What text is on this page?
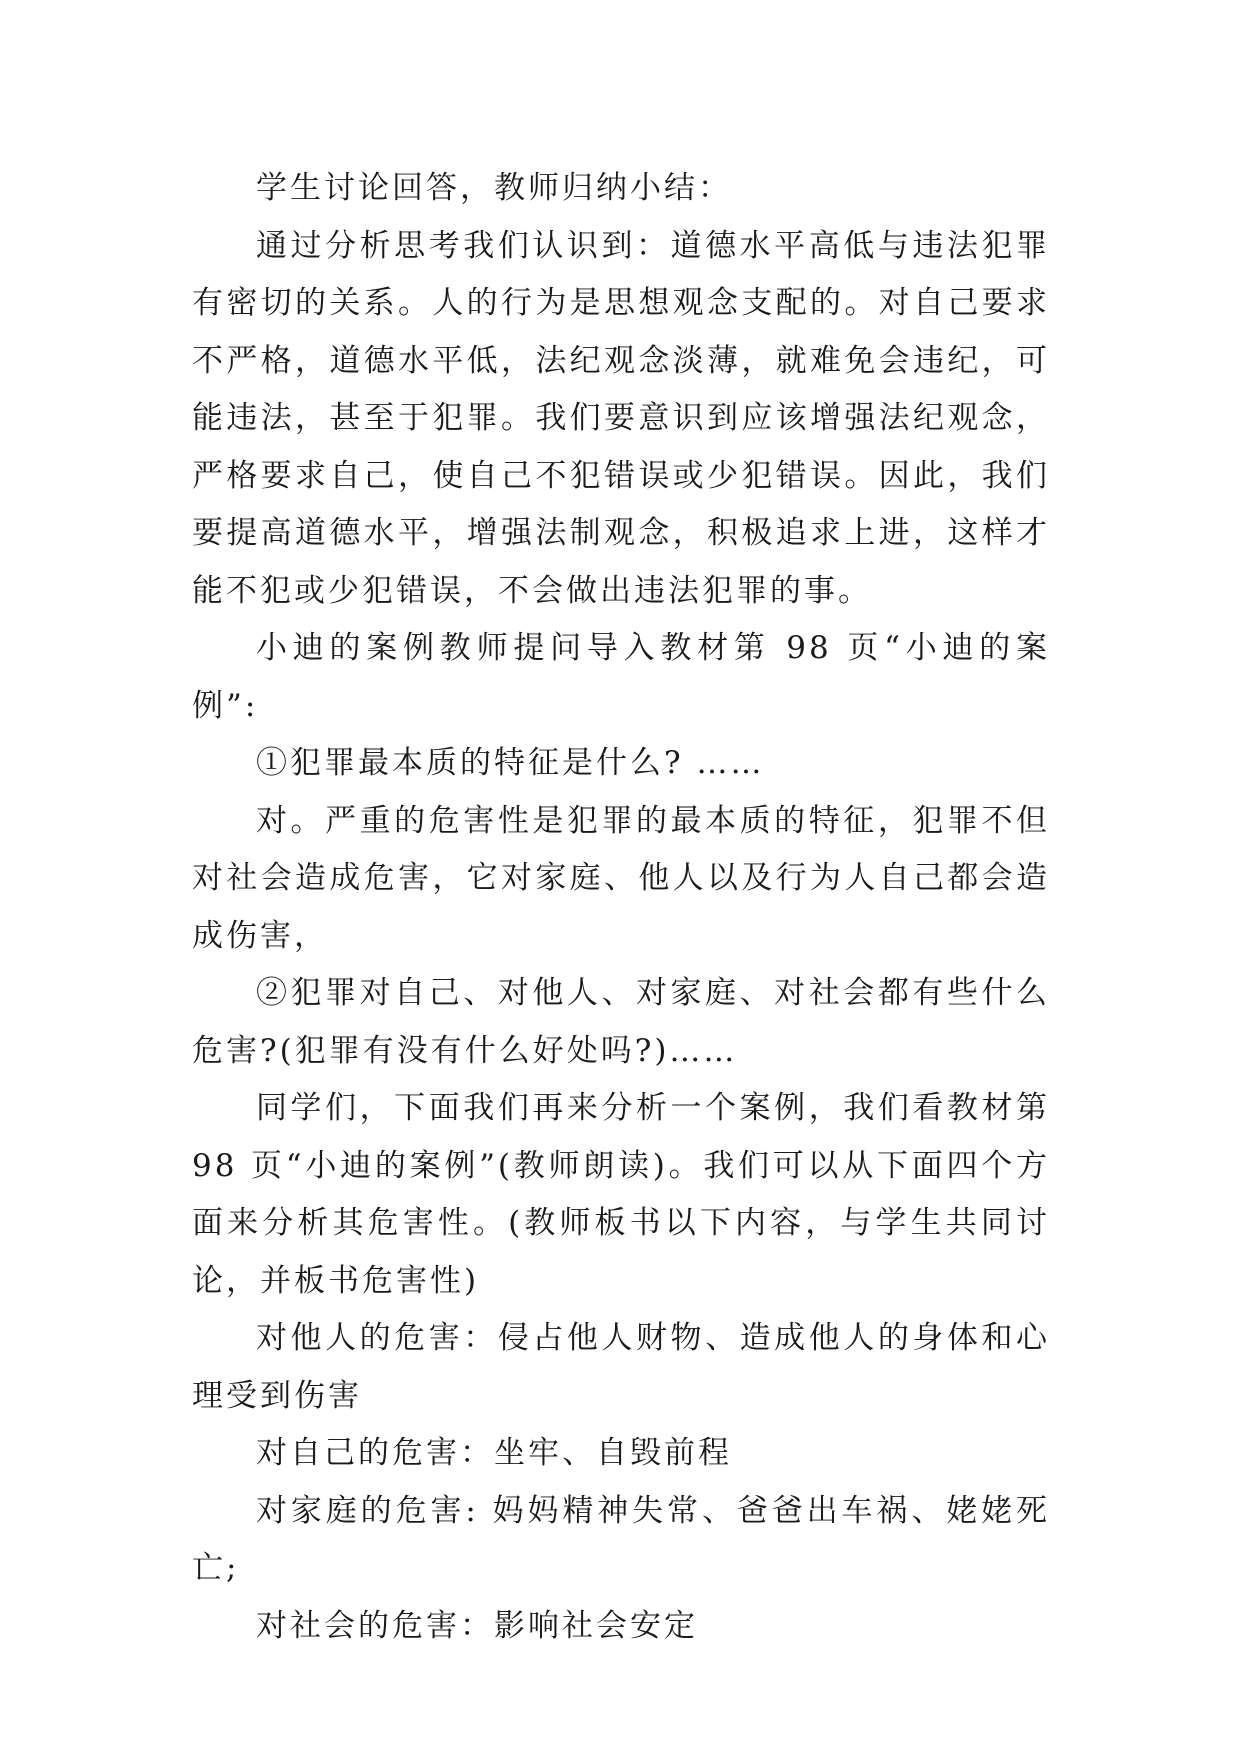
学生讨论回答，教师归纳小结：

通过分析思考我们认识到：道德水平高低与违法犯罪有密切的关系。人的行为是思想观念支配的。对自己要求不严格，道德水平低，法纪观念淡薄，就难免会违纪，可能违法，甚至于犯罪。我们要意识到应该增强法纪观念，严格要求自己，使自己不犯错误或少犯错误。因此，我们要提高道德水平，增强法制观念，积极追求上进，这样才能不犯或少犯错误，不会做出违法犯罪的事。

小迪的案例教师提问导入教材第 98 页“小迪的案例”:

①犯罪最本质的特征是什么? ……

对。严重的危害性是犯罪的最本质的特征，犯罪不但对社会造成危害，它对家庭、他人以及行为人自己都会造成伤害，

②犯罪对自己、对他人、对家庭、对社会都有些什么危害?(犯罪有没有什么好处吗?)……

同学们，下面我们再来分析一个案例，我们看教材第 98 页“小迪的案例”(教师朗读)。我们可以从下面四个方面来分析其危害性。(教师板书以下内容，与学生共同讨论，并板书危害性)

对他人的危害：侵占他人财物、造成他人的身体和心理受到伤害

对自己的危害：坐牢、自毁前程

对家庭的危害: 妈妈精神失常、爸爸出车祸、姥姥死亡;

对社会的危害：影响社会安定
